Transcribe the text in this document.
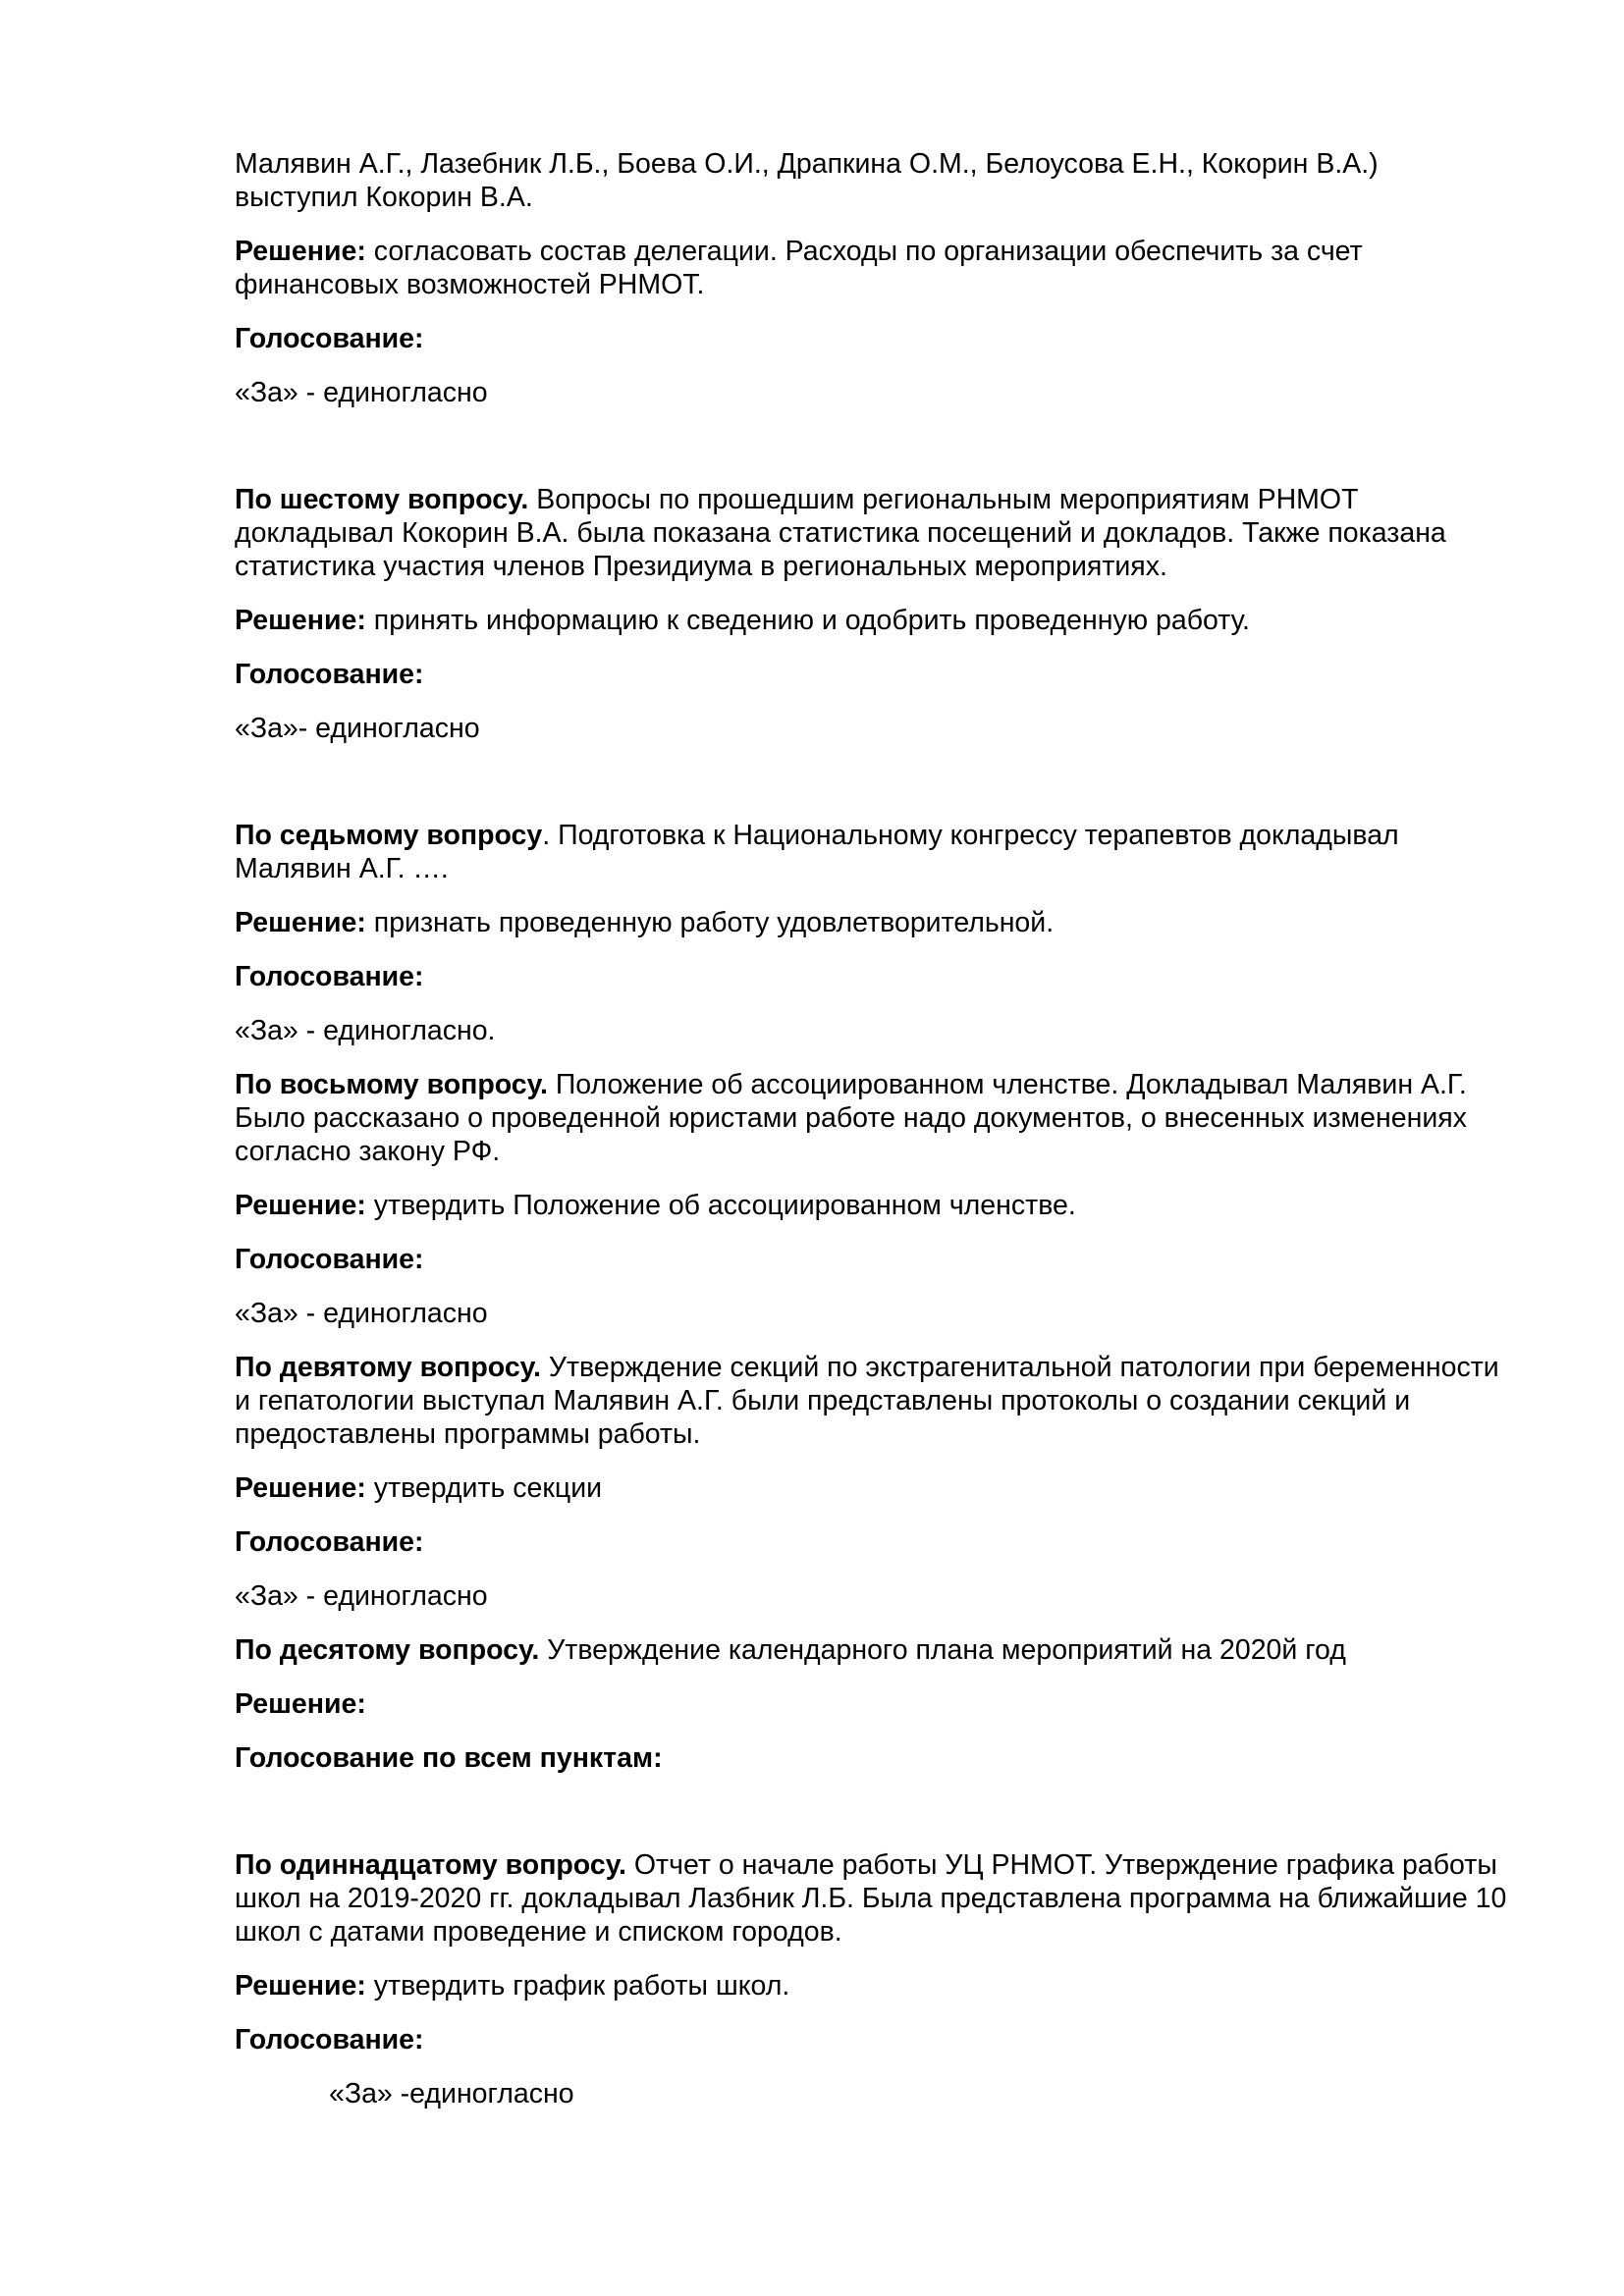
Малявин А.Г., Лазебник Л.Б., Боева О.И., Драпкина О.М., Белоусова Е.Н., Кокорин В.А.)
выступил Кокорин В.А.

Решение: согласовать состав делегации. Расходы по организации обеспечить за счет финансовых возможностей РНМОТ.

Голосование:

«За» - единогласно

По шестому вопросу. Вопросы по прошедшим региональным мероприятиям РНМОТ докладывал Кокорин В.А. была показана статистика посещений и докладов. Также показана статистика участия членов Президиума в региональных мероприятиях.

Решение: принять информацию к сведению и одобрить проведенную работу.

Голосование:

«За»- единогласно

По седьмому вопросу. Подготовка к Национальному конгрессу терапевтов докладывал Малявин А.Г. ….

Решение: признать проведенную работу удовлетворительной.

Голосование:

«За» - единогласно.

По восьмому вопросу. Положение об ассоциированном членстве. Докладывал Малявин А.Г. Было рассказано о проведенной юристами работе надо документов, о внесенных изменениях согласно закону РФ.

Решение: утвердить Положение об ассоциированном членстве.

Голосование:

«За» - единогласно

По девятому вопросу. Утверждение секций по экстрагенитальной патологии при беременности и гепатологии выступал Малявин А.Г. были представлены протоколы о создании секций и предоставлены программы работы.

Решение: утвердить секции

Голосование:

«За» - единогласно

По десятому вопросу. Утверждение календарного плана мероприятий на 2020й год

Решение:

Голосование по всем пунктам:

По одиннадцатому вопросу. Отчет о начале работы УЦ РНМОТ. Утверждение графика работы школ на 2019-2020 гг. докладывал Лазбник Л.Б. Была представлена программа на ближайшие 10 школ с датами проведение и списком городов.

Решение: утвердить график работы школ.

Голосование:

«За» -единогласно
